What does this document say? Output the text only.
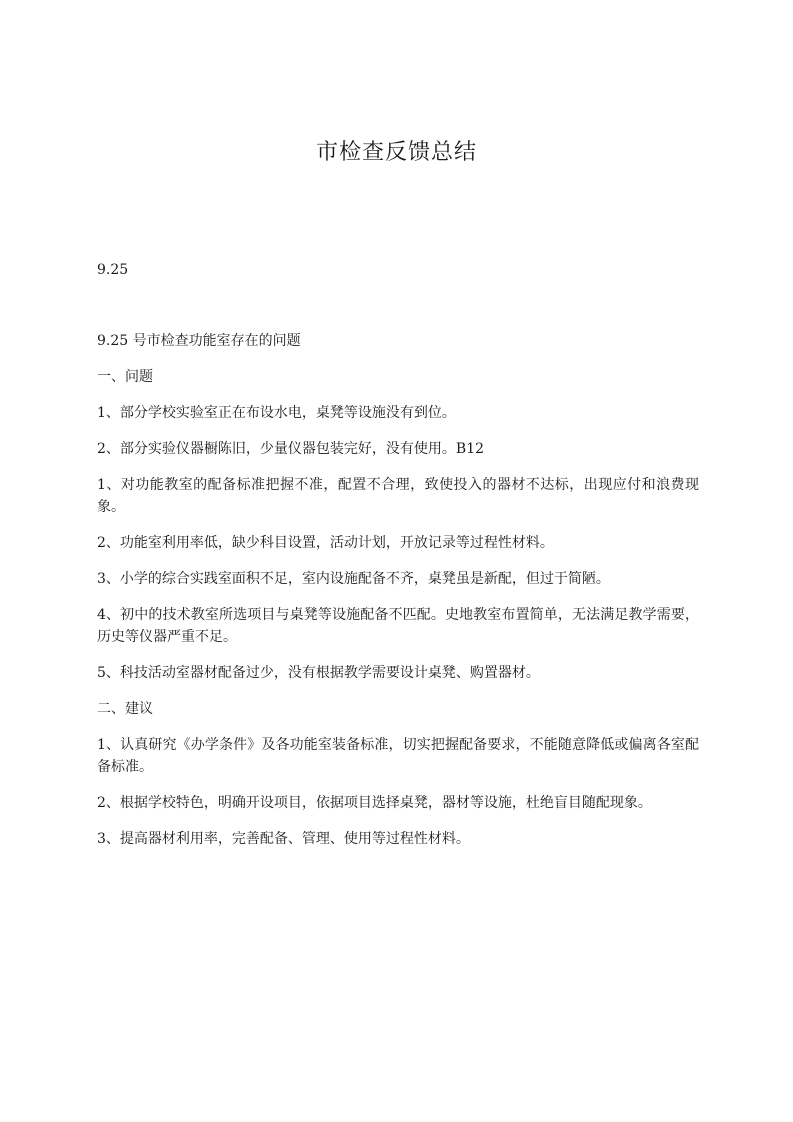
市检查反馈总结

9.25

9.25 号市检查功能室存在的问题

一、问题

1、部分学校实验室正在布设水电，桌凳等设施没有到位。

2、部分实验仪器橱陈旧，少量仪器包装完好，没有使用。B12

1、对功能教室的配备标准把握不准，配置不合理，致使投入的器材不达标，出现应付和浪费现象。

2、功能室利用率低，缺少科目设置，活动计划，开放记录等过程性材料。

3、小学的综合实践室面积不足，室内设施配备不齐，桌凳虽是新配，但过于简陋。

4、初中的技术教室所选项目与桌凳等设施配备不匹配。史地教室布置简单，无法满足教学需要，历史等仪器严重不足。

5、科技活动室器材配备过少，没有根据教学需要设计桌凳、购置器材。

二、建议

1、认真研究《办学条件》及各功能室装备标准，切实把握配备要求，不能随意降低或偏离各室配备标准。

2、根据学校特色，明确开设项目，依据项目选择桌凳，器材等设施，杜绝盲目随配现象。

3、提高器材利用率，完善配备、管理、使用等过程性材料。
